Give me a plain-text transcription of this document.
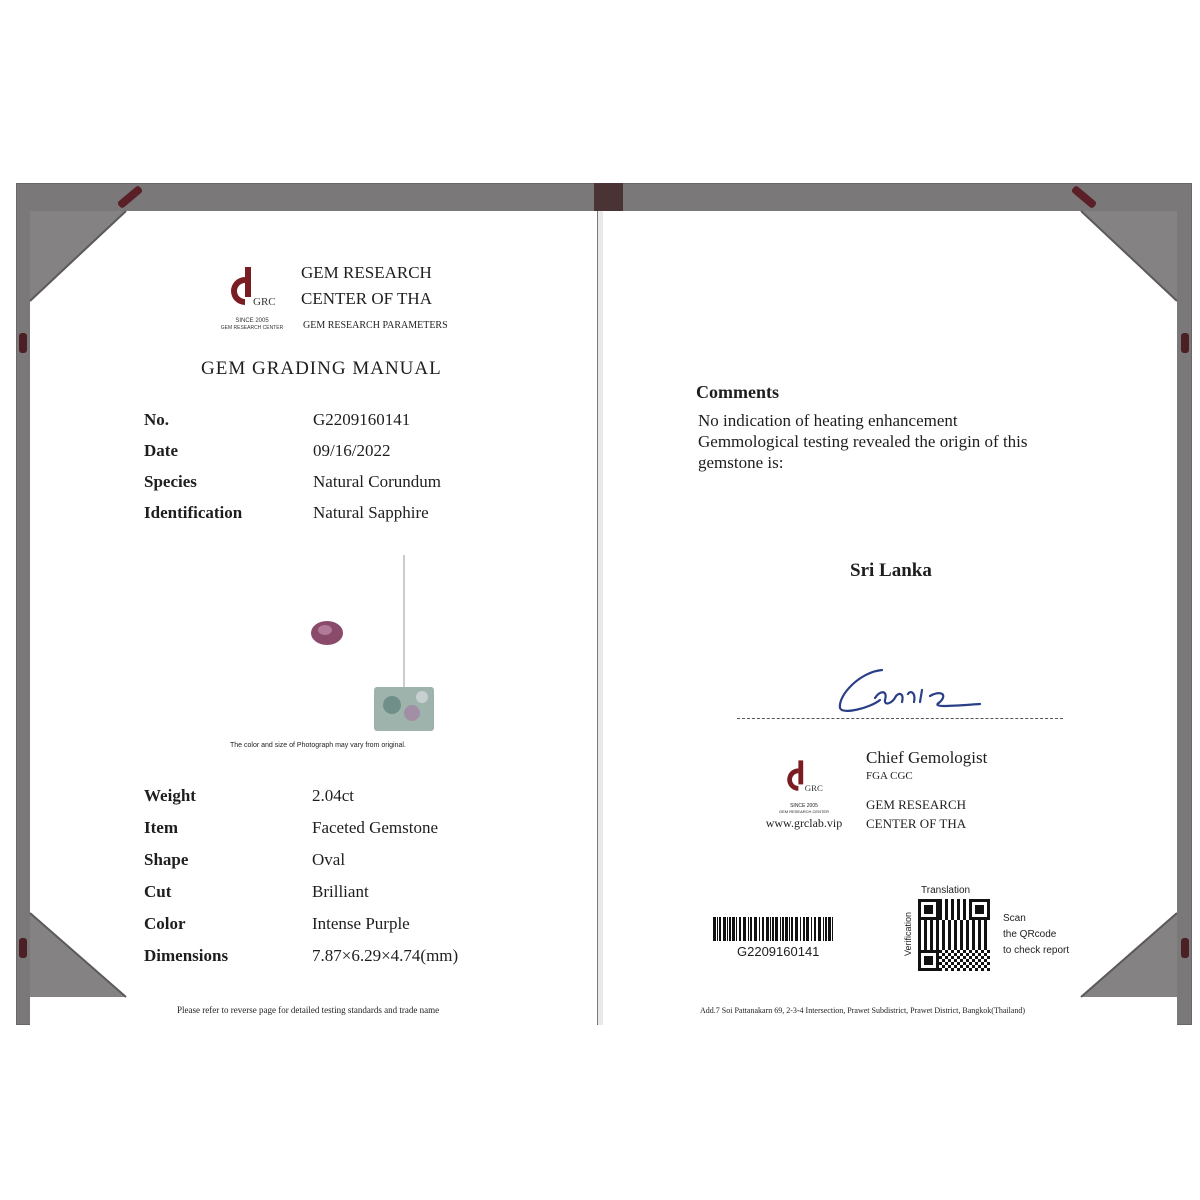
GRC
SINCE 2005
GEM RESEARCH CENTER
GEM RESEARCH
CENTER OF THA
GEM RESEARCH PARAMETERS
GEM GRADING MANUAL
No.	G2209160141
Date	09/16/2022
Species	Natural Corundum
Identification	Natural Sapphire
The color and size of Photograph may vary from original.
Weight	2.04ct
Item	Faceted Gemstone
Shape	Oval
Cut	Brilliant
Color	Intense Purple
Dimensions	7.87×6.29×4.74(mm)
Please refer to reverse page for detailed testing standards and trade name
Comments
No indication of heating enhancement
Gemmological testing revealed the origin of this
gemstone is:
Sri Lanka
GRC
SINCE 2005
GEM RESEARCH CENTER
www.grclab.vip
Chief Gemologist
FGA CGC
GEM RESEARCH
CENTER OF THA
G2209160141
Translation
Verification	Scan
the QRcode
to check report
Add.7 Soi Pattanakarn 69, 2-3-4 Intersection, Prawet Subdistrict, Prawet District, Bangkok(Thailand)
